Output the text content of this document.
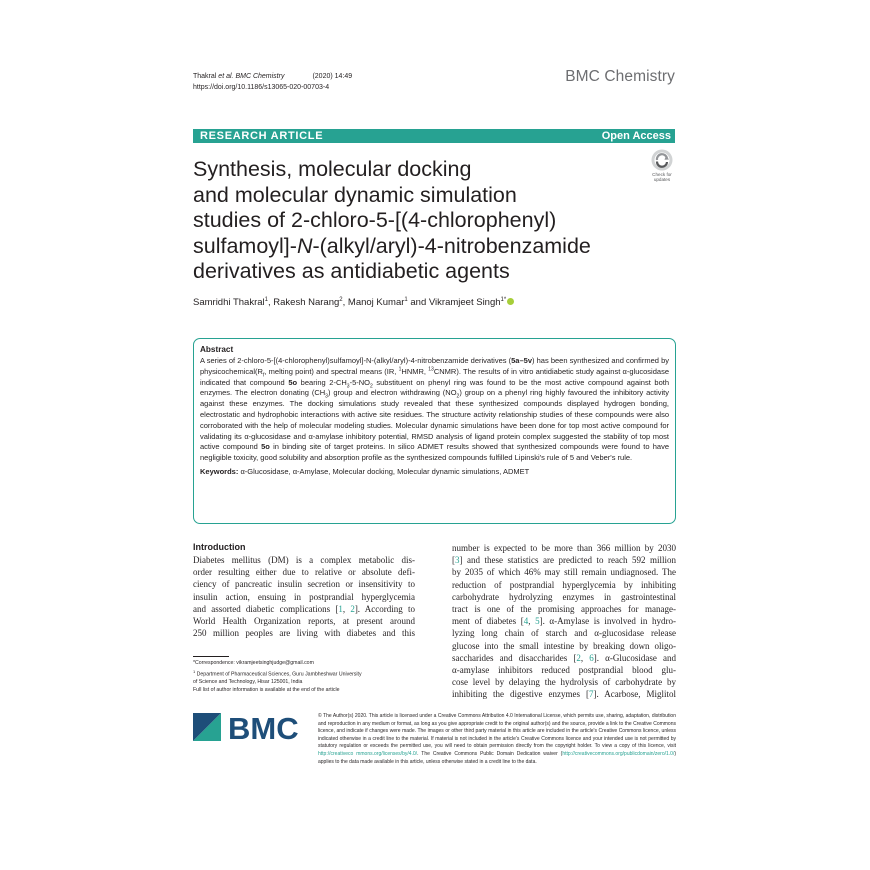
Thakral et al. BMC Chemistry	(2020) 14:49
https://doi.org/10.1186/s13065-020-00703-4
BMC Chemistry
RESEARCH ARTICLE	Open Access
Check for
updates
Synthesis, molecular docking
and molecular dynamic simulation
studies of 2-chloro-5-[(4-chlorophenyl)
sulfamoyl]-N-(alkyl/aryl)-4-nitrobenzamide
derivatives as antidiabetic agents
Samridhi Thakral$^1$, Rakesh Narang$^2$, Manoj Kumar$^1$ and Vikramjeet Singh$^{1*}$
Abstract
A series of 2-chloro-5-[(4-chlorophenyl)sulfamoyl]-N-(alkyl/aryl)-4-nitrobenzamide derivatives (5a–5v) has been synthesized and confirmed by $physicochemical(R_f$, melting point) and spectral means (IR, $^1$HNMR, $^{13}$CNMR). The results of in vitro antidiabetic study against α-glucosidase indicated that compound 5o bearing $2-CH_3-5-NO_2$ substituent on phenyl ring was found to be the most active compound against both enzymes. The electron donating $(CH_3)$ group and electron withdrawing $(NO_2)$ group on a phenyl ring highly favoured the inhibitory activity against these enzymes. The docking simulations study revealed that these synthesized compounds displayed hydrogen bonding, electrostatic and hydrophobic interactions with active site residues. The structure activity relationship studies of these compounds were also corroborated with the help of molecular modeling studies. Molecular dynamic simulations have been done for top most active compound for validating its α-glucosidase and α-amylase inhibitory potential, RMSD analysis of ligand protein complex suggested the stability of top most active compound 5o in binding site of target proteins. In silico ADMET results showed that synthesized compounds were found to have negligible toxicity, good solubility and absorption profile as the synthesized compounds fulfilled Lipinski's rule of 5 and Veber's rule.
Keywords: α-Glucosidase, α-Amylase, Molecular docking, Molecular dynamic simulations, ADMET
Introduction
Diabetes mellitus (DM) is a complex metabolic dis-
order resulting either due to relative or absolute defi-
ciency of pancreatic insulin secretion or insensitivity to
insulin action, ensuing in postprandial hyperglycemia
and assorted diabetic complications [1, 2]. According to
World Health Organization reports, at present around
250 million peoples are living with diabetes and this
number is expected to be more than 366 million by 2030
[3] and these statistics are predicted to reach 592 million
by 2035 of which 46% may still remain undiagnosed. The
reduction of postprandial hyperglycemia by inhibiting
carbohydrate hydrolyzing enzymes in gastrointestinal
tract is one of the promising approaches for manage-
ment of diabetes [4, 5]. α-Amylase is involved in hydro-
lyzing long chain of starch and α-glucosidase release
glucose into the small intestine by breaking down oligo-
saccharides and disaccharides [2, 6]. α-Glucosidase and
α-amylase inhibitors reduced postprandial blood glu-
cose level by delaying the hydrolysis of carbohydrate by
inhibiting the digestive enzymes [7]. Acarbose, Miglitol
*Correspondence: vikramjeetsinghjudge@gmail.com
$^1$ Department of Pharmaceutical Sciences, Guru Jambheshwar University
of Science and Technology, Hisar 125001, India
Full list of author information is available at the end of the article
BMC	© The Author(s) 2020. This article is licensed under a Creative Commons Attribution 4.0 International License, which permits use, sharing, adaptation, distribution and reproduction in any medium or format, as long as you give appropriate credit to the original author(s) and the source, provide a link to the Creative Commons licence, and indicate if changes were made. The images or other third party material in this article are included in the article's Creative Commons licence, unless indicated otherwise in a credit line to the material. If material is not included in the article's Creative Commons licence and your intended use is not permitted by statutory regulation or exceeds the permitted use, you will need to obtain permission directly from the copyright holder. To view a copy of this licence, visit http://creativeco mmons.org/licenses/by/4.0/. The Creative Commons Public Domain Dedication waiver (http://creativecommons.org/publicdomain/zero/1.0/) applies to the data made available in this article, unless otherwise stated in a credit line to the data.
